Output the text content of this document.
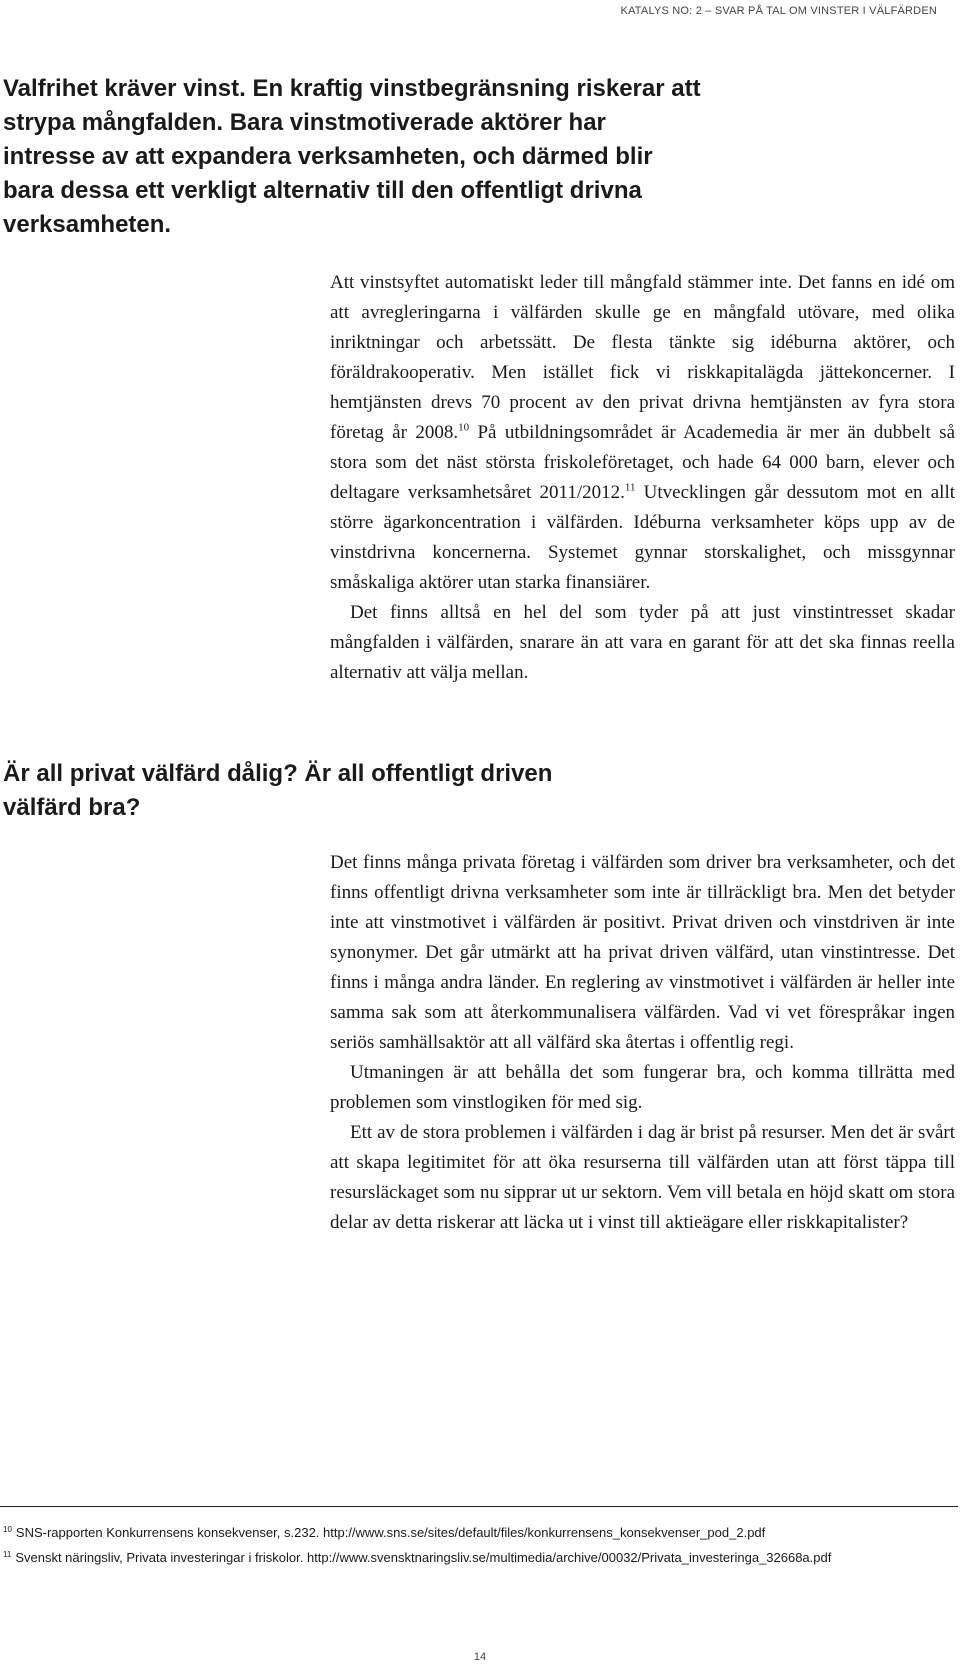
KATALYS NO: 2 – SVAR PÅ TAL OM VINSTER I VÄLFÄRDEN

Valfrihet kräver vinst. En kraftig vinstbegränsning riskerar att strypa mångfalden. Bara vinstmotiverade aktörer har intresse av att expandera verksamheten, och därmed blir bara dessa ett verkligt alternativ till den offentligt drivna verksamheten.

Att vinstsyftet automatiskt leder till mångfald stämmer inte. Det fanns en idé om att avregleringarna i välfärden skulle ge en mångfald utövare, med olika inriktningar och arbetssätt. De flesta tänkte sig idéburna aktörer, och föräldrakooperativ. Men istället fick vi riskkapitalägda jättekoncerner. I hemtjänsten drevs 70 procent av den privat drivna hemtjänsten av fyra stora företag år 2008.10 På utbildningsområdet är Academedia är mer än dubbelt så stora som det näst största friskoleföretaget, och hade 64 000 barn, elever och deltagare verksamhetsåret 2011/2012.11 Utvecklingen går dessutom mot en allt större ägarkoncentration i välfärden. Idéburna verksamheter köps upp av de vinstdrivna koncernerna. Systemet gynnar storskalighet, och missgynnar småskaliga aktörer utan starka finansiärer.

Det finns alltså en hel del som tyder på att just vinstintresset skadar mångfalden i välfärden, snarare än att vara en garant för att det ska finnas reella alternativ att välja mellan.

Är all privat välfärd dålig? Är all offentligt driven välfärd bra?

Det finns många privata företag i välfärden som driver bra verksamheter, och det finns offentligt drivna verksamheter som inte är tillräckligt bra. Men det betyder inte att vinstmotivet i välfärden är positivt. Privat driven och vinstdriven är inte synonymer. Det går utmärkt att ha privat driven välfärd, utan vinstintresse. Det finns i många andra länder. En reglering av vinstmotivet i välfärden är heller inte samma sak som att återkommunalisera välfärden. Vad vi vet förespråkar ingen seriös samhällsaktör att all välfärd ska återtas i offentlig regi.

Utmaningen är att behålla det som fungerar bra, och komma tillrätta med problemen som vinstlogiken för med sig.

Ett av de stora problemen i välfärden i dag är brist på resurser. Men det är svårt att skapa legitimitet för att öka resurserna till välfärden utan att först täppa till resursläckaget som nu sipprar ut ur sektorn. Vem vill betala en höjd skatt om stora delar av detta riskerar att läcka ut i vinst till aktieägare eller riskkapitalister?

$^{10}$ SNS-rapporten Konkurrensens konsekvenser, s.232. http://www.sns.se/sites/default/files/konkurrensens_konsekvenser_pod_2.pdf

$^{11}$ Svenskt näringsliv, Privata investeringar i friskolor. http://www.svensktnaringsliv.se/multimedia/archive/00032/Privata_investeringa_32668a.pdf

14
